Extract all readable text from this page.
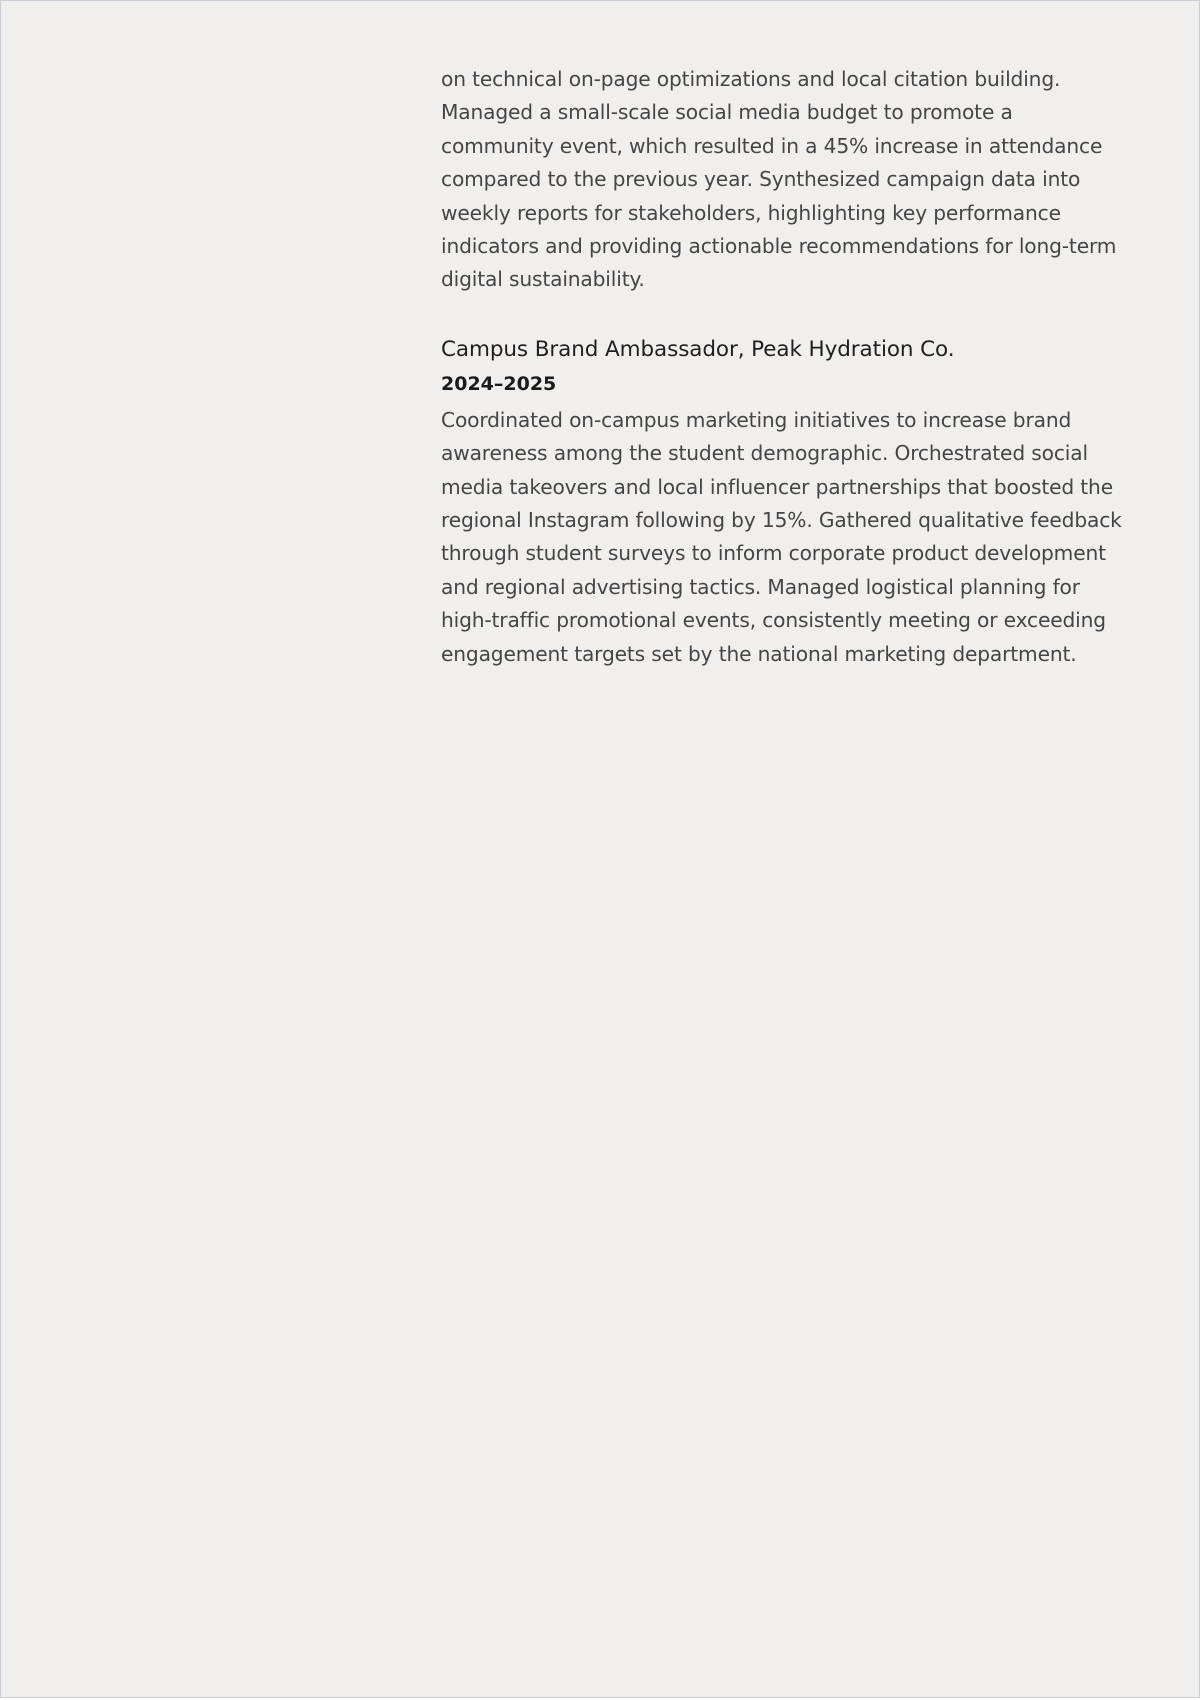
on technical on-page optimizations and local citation building. Managed a small-scale social media budget to promote a community event, which resulted in a 45% increase in attendance compared to the previous year. Synthesized campaign data into weekly reports for stakeholders, highlighting key performance indicators and providing actionable recommendations for long-term digital sustainability.

Campus Brand Ambassador, Peak Hydration Co.

2024–2025

Coordinated on-campus marketing initiatives to increase brand awareness among the student demographic. Orchestrated social media takeovers and local influencer partnerships that boosted the regional Instagram following by 15%. Gathered qualitative feedback through student surveys to inform corporate product development and regional advertising tactics. Managed logistical planning for high-traffic promotional events, consistently meeting or exceeding engagement targets set by the national marketing department.
